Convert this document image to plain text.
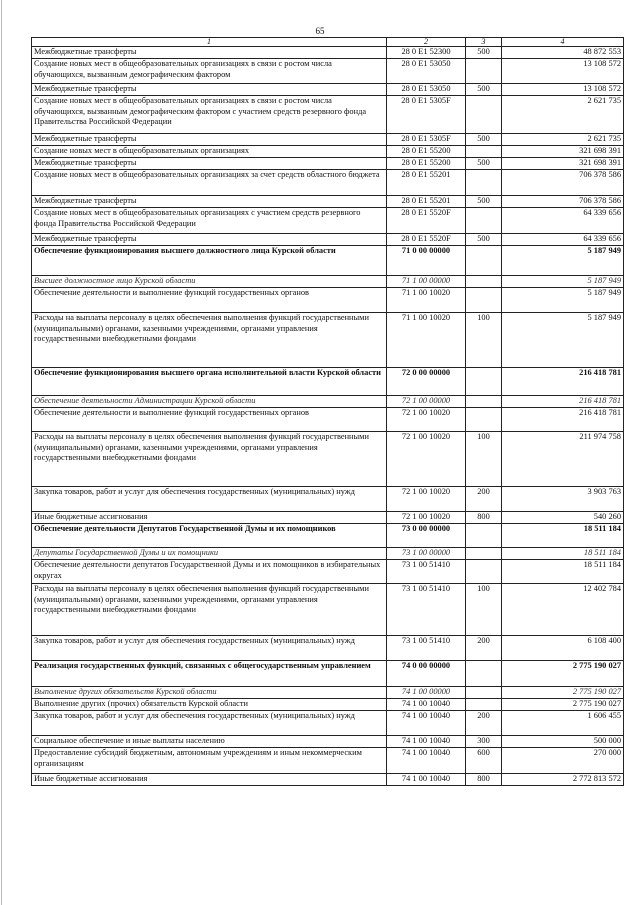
65
1	2	3	4
Межбюджетные трансферты	28 0 E1 52300	500	48 872 553
Создание новых мест в общеобразовательных организациях в связи с ростом числа обучающихся, вызванным демографическим фактором	28 0 E1 53050		13 108 572
Межбюджетные трансферты	28 0 E1 53050	500	13 108 572
Создание новых мест в общеобразовательных организациях в связи с ростом числа обучающихся, вызванным демографическим фактором с участием средств резервного фонда Правительства Российской Федерации	28 0 E1 5305F		2 621 735
Межбюджетные трансферты	28 0 E1 5305F	500	2 621 735
Создание новых мест в общеобразовательных организациях	28 0 E1 55200		321 698 391
Межбюджетные трансферты	28 0 E1 55200	500	321 698 391
Создание новых мест в общеобразовательных организациях за счет средств областного бюджета	28 0 E1 55201		706 378 586
Межбюджетные трансферты	28 0 E1 55201	500	706 378 586
Создание новых мест в общеобразовательных организациях с участием средств резервного фонда Правительства Российской Федерации	28 0 E1 5520F		64 339 656
Межбюджетные трансферты	28 0 E1 5520F	500	64 339 656
Обеспечение функционирования высшего должностного лица Курской области	71 0 00 00000		5 187 949
Высшее должностное лицо Курской области	71 1 00 00000		5 187 949
Обеспечение деятельности и выполнение функций государственных органов	71 1 00 10020		5 187 949
Расходы на выплаты персоналу в целях обеспечения выполнения функций государственными (муниципальными) органами, казенными учреждениями, органами управления государственными внебюджетными фондами	71 1 00 10020	100	5 187 949
Обеспечение функционирования высшего органа исполнительной власти Курской области	72 0 00 00000		216 418 781
Обеспечение деятельности Администрации Курской области	72 1 00 00000		216 418 781
Обеспечение деятельности и выполнение функций государственных органов	72 1 00 10020		216 418 781
Расходы на выплаты персоналу в целях обеспечения выполнения функций государственными (муниципальными) органами, казенными учреждениями, органами управления государственными внебюджетными фондами	72 1 00 10020	100	211 974 758
Закупка товаров, работ и услуг для обеспечения государственных (муниципальных) нужд	72 1 00 10020	200	3 903 763
Иные бюджетные ассигнования	72 1 00 10020	800	540 260
Обеспечение деятельности Депутатов Государственной Думы и их помощников	73 0 00 00000		18 511 184
Депутаты Государственной Думы и их помощники	73 1 00 00000		18 511 184
Обеспечение деятельности депутатов Государственной Думы и их помощников в избирательных округах	73 1 00 51410		18 511 184
Расходы на выплаты персоналу в целях обеспечения выполнения функций государственными (муниципальными) органами, казенными учреждениями, органами управления государственными внебюджетными фондами	73 1 00 51410	100	12 402 784
Закупка товаров, работ и услуг для обеспечения государственных (муниципальных) нужд	73 1 00 51410	200	6 108 400
Реализация государственных функций, связанных с общегосударственным управлением	74 0 00 00000		2 775 190 027
Выполнение других обязательств Курской области	74 1 00 00000		2 775 190 027
Выполнение других (прочих) обязательств Курской области	74 1 00 10040		2 775 190 027
Закупка товаров, работ и услуг для обеспечения государственных (муниципальных) нужд	74 1 00 10040	200	1 606 455
Социальное обеспечение и иные выплаты населению	74 1 00 10040	300	500 000
Предоставление субсидий бюджетным, автономным учреждениям и иным некоммерческим организациям	74 1 00 10040	600	270 000
Иные бюджетные ассигнования	74 1 00 10040	800	2 772 813 572
